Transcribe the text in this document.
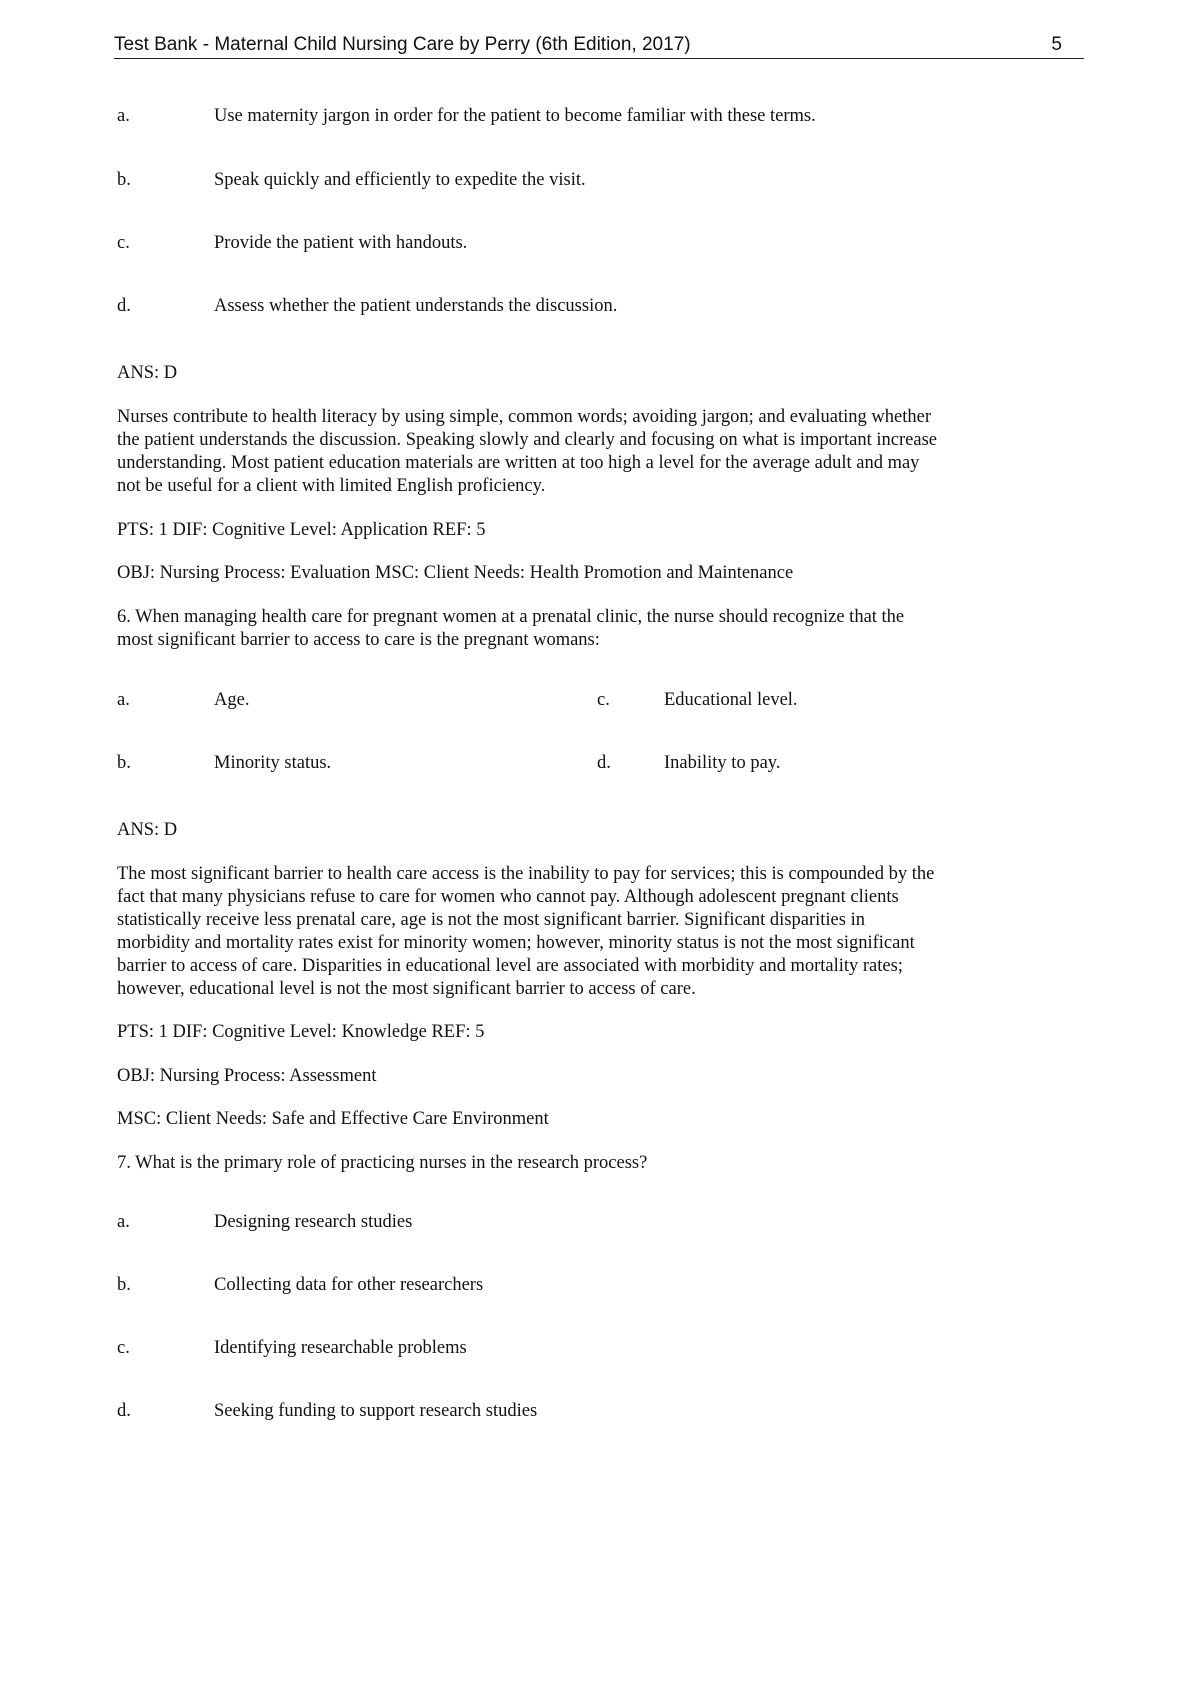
Test Bank - Maternal Child Nursing Care by Perry (6th Edition, 2017)	5
a.	Use maternity jargon in order for the patient to become familiar with these terms.
b.	Speak quickly and efficiently to expedite the visit.
c.	Provide the patient with handouts.
d.	Assess whether the patient understands the discussion.
ANS: D
Nurses contribute to health literacy by using simple, common words; avoiding jargon; and evaluating whether
the patient understands the discussion. Speaking slowly and clearly and focusing on what is important increase
understanding. Most patient education materials are written at too high a level for the average adult and may
not be useful for a client with limited English proficiency.
PTS: 1 DIF: Cognitive Level: Application REF: 5
OBJ: Nursing Process: Evaluation MSC: Client Needs: Health Promotion and Maintenance
6. When managing health care for pregnant women at a prenatal clinic, the nurse should recognize that the
most significant barrier to access to care is the pregnant womans:
a.	Age.	c.	Educational level.
b.	Minority status.	d.	Inability to pay.
ANS: D
The most significant barrier to health care access is the inability to pay for services; this is compounded by the
fact that many physicians refuse to care for women who cannot pay. Although adolescent pregnant clients
statistically receive less prenatal care, age is not the most significant barrier. Significant disparities in
morbidity and mortality rates exist for minority women; however, minority status is not the most significant
barrier to access of care. Disparities in educational level are associated with morbidity and mortality rates;
however, educational level is not the most significant barrier to access of care.
PTS: 1 DIF: Cognitive Level: Knowledge REF: 5
OBJ: Nursing Process: Assessment
MSC: Client Needs: Safe and Effective Care Environment
7. What is the primary role of practicing nurses in the research process?
a.	Designing research studies
b.	Collecting data for other researchers
c.	Identifying researchable problems
d.	Seeking funding to support research studies
